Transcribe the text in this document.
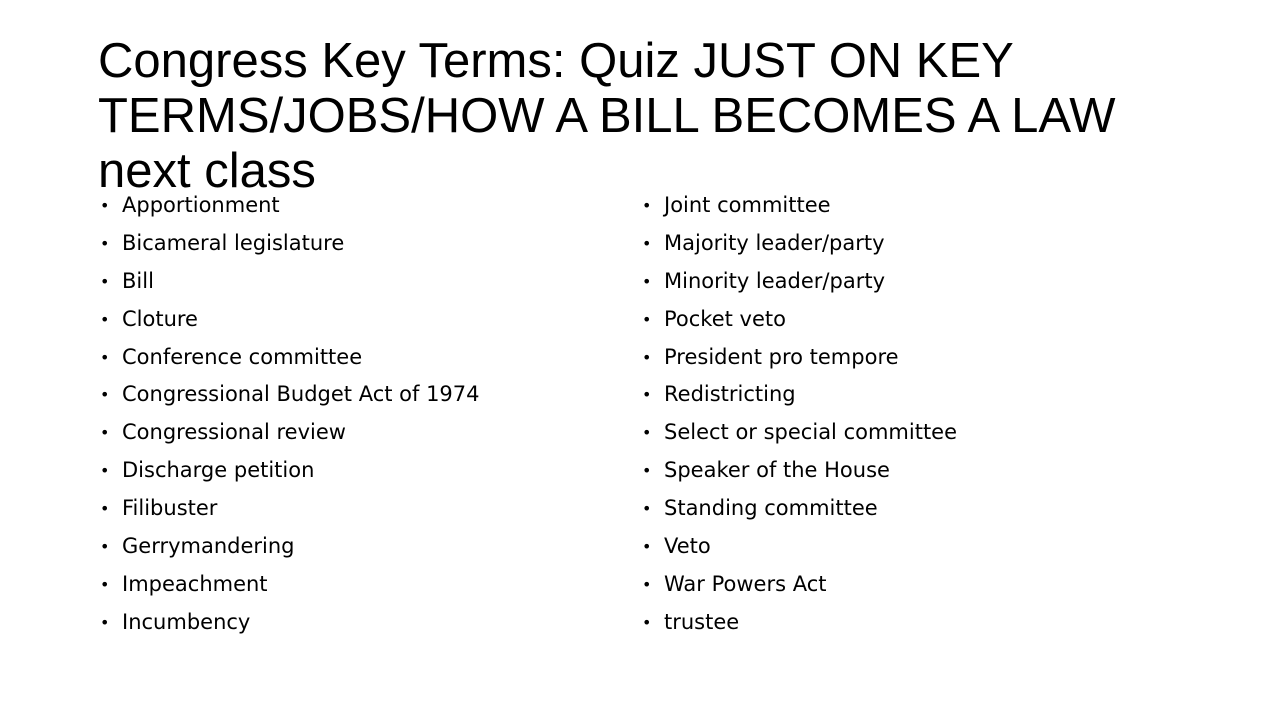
Congress Key Terms: Quiz JUST ON KEY TERMS/JOBS/HOW A BILL BECOMES A LAW next class
• Apportionment
• Bicameral legislature
• Bill
• Cloture
• Conference committee
• Congressional Budget Act of 1974
• Congressional review
• Discharge petition
• Filibuster
• Gerrymandering
• Impeachment
• Incumbency
• Joint committee
• Majority leader/party
• Minority leader/party
• Pocket veto
• President pro tempore
• Redistricting
• Select or special committee
• Speaker of the House
• Standing committee
• Veto
• War Powers Act
• trustee
